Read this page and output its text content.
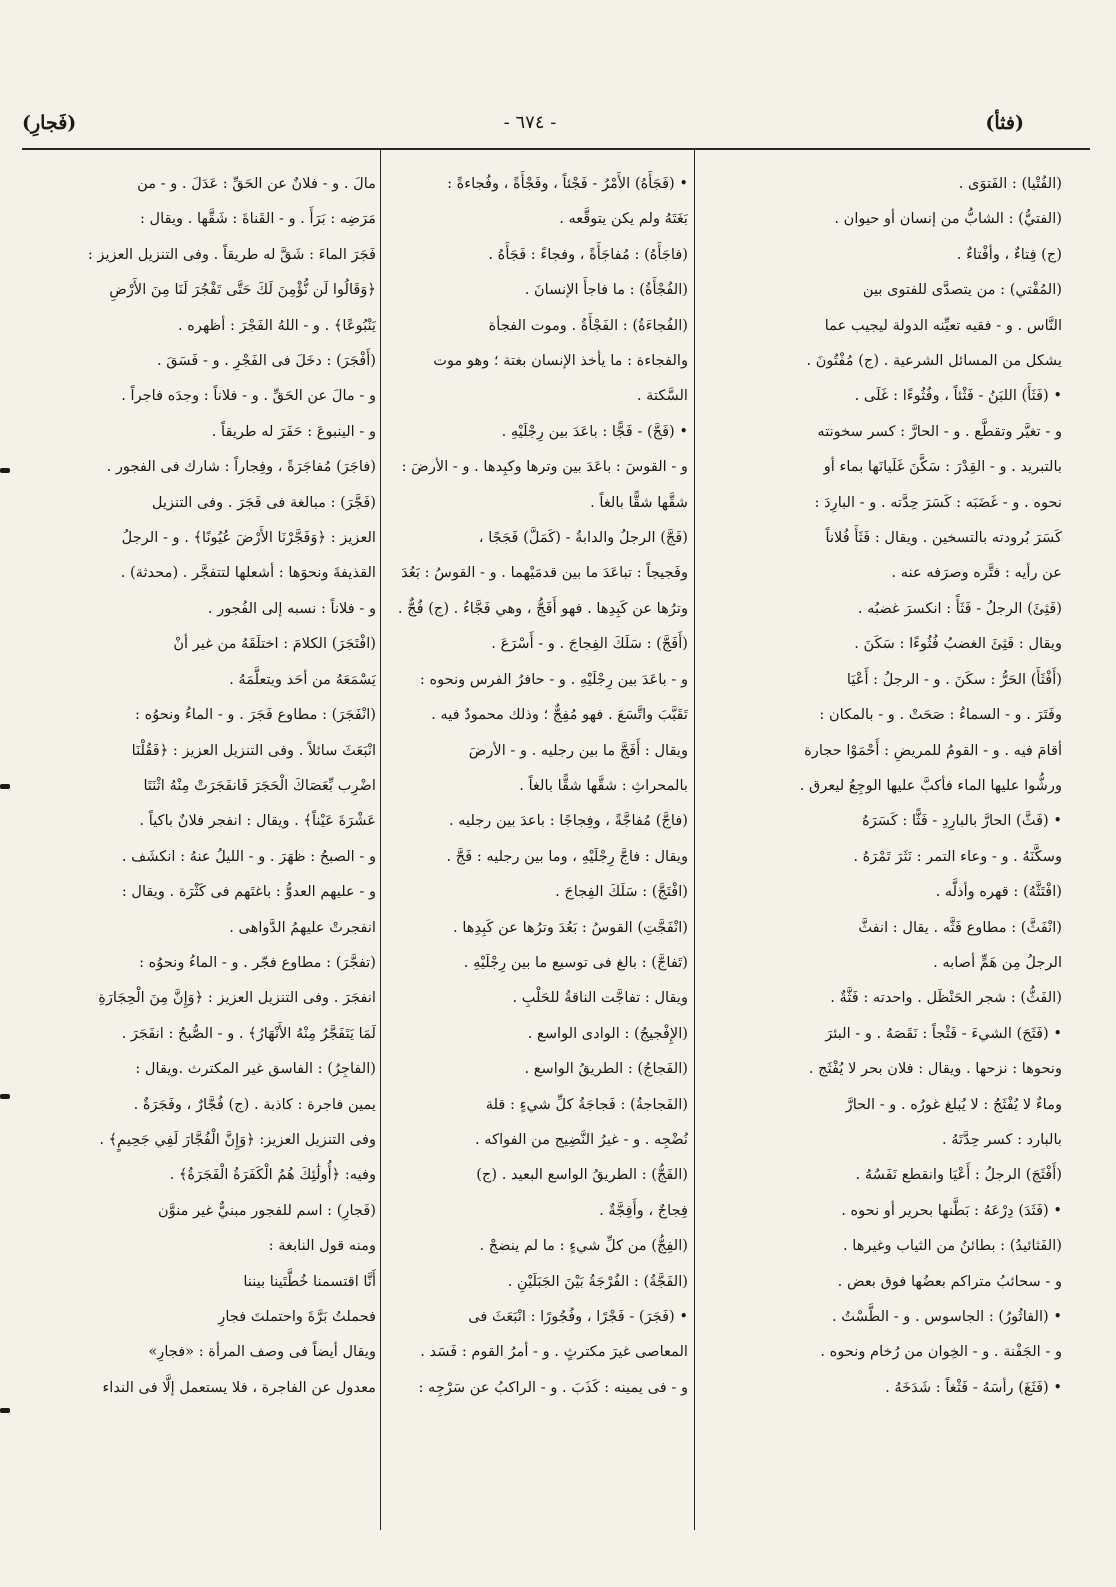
(فثأ)
- ٦٧٤ -
(فَجارِ)
(الفُتْيا) : الفَتوَى .
(الفتيُّ) : الشابُّ من إنسان أو حيوان .
(ج) فِتاءٌ ، وأفْتاءٌ .
(المُفْتي) : من يتصدَّى للفتوى بين
النَّاس . و - فقيه تعيِّنه الدولة ليجيب عما
يشكل من المسائل الشرعية . (ج) مُفْتُونَ .
• (فَثَأَ) اللبَنُ - فَثْئاً ، وفُثُوءًا : غَلَى .
و - تغيَّر وتقطَّع . و - الحارَّ : كسر سخونته
بالتبريد . و - القِدْرَ : سَكَّنَ غَلَيانَها بماء أو
نحوه . و - غَضَبَه : كَسَرَ حِدَّته . و - البارِدَ :
كَسَرَ بُرودته بالتسخين . ويقال : فَثَأَ فُلاناً
عن رأيه : فتَّره وصرَفه عنه .
(فَثِئَ) الرجلُ - فَثَأً : انكسرَ غضبُه .
ويقال : فَثِئَ الغضبُ فُثُوءًا : سَكَنَ .
(أَفْثَأَ) الحَرُّ : سكَنَ . و - الرجلُ : أَعْيَا
وفَتَرَ . و - السماءُ : صَحَتْ . و - بالمكان :
أقامَ فيه . و - القومُ للمريضِ : أَحْمَوْا حجارة
ورشُّوا عليها الماء فأكبَّ عليها الوجِعُ ليعرق .
• (فَثَّ) الحارَّ بالبارِدِ - فَثًّا : كَسَرَهُ
وسكَّنَهُ . و - وعاء التمر : نَثَرَ تَمْرَهُ .
(افْتَثَّهُ) : قهره وأذلَّه .
(انْفَثَّ) : مطاوع فَثَّه . يقال : انفثَّ
الرجلُ مِن هَمٍّ أصابه .
(الفَثُّ) : شجر الحَنْظَل . واحدته : فَثَّةٌ .
• (فَثَجَ) الشيءَ - فَثْجاً : نَقَصَهُ . و - البئرَ
ونحوها : نزحها . ويقال : فلان بحر لا يُفْثَج .
وماءٌ لا يُفْثَجُ : لا يُبلغ غورُه . و - الحارَّ
بالبارد : كسر حِدَّتَهُ .
(أَفْثَجَ) الرجلُ : أَعْيَا وانقطع نَفَسُهُ .
• (فَثَدَ) دِرْعَهُ : بَطَّنها بحرير أو نحوه .
(الفَثائيدُ) : بطائنُ من الثياب وغيرها .
و - سحائبُ متراكم بعضُها فوق بعض .
• (الفاثُورُ) : الجاسوس . و - الطَّسْتُ .
و - الجَفْنة . و - الخِوان من رُخام ونحوه .
• (فَثَغَ) رأسَهُ - فَثْغاً : شَدَخَهُ .
• (فَجَأَهُ) الأَمْرُ - فَجْئاً ، وفَجْأَةً ، وفُجاءةً :
بَغَتَهُ ولم يكن يتوقَّعه .
(فاجَأَهُ) : مُفاجَأَةً ، وفجاءً : فَجَأَهُ .
(الفُجْأَةُ) : ما فاجأَ الإنسانَ .
(الفُجاءَةُ) : الفَجْأَةُ . وموت الفجأة
والفجاءة : ما يأخذ الإنسان بغتة ؛ وهو موت
السَّكتة .
• (فَجَّ) - فَجًّا : باعَدَ بين رِجْلَيْهِ .
و - القوسَ : باعَدَ بين وترها وكبِدها . و - الأرضَ :
شقَّها شقًّا بالغاً .
(فَجَّ) الرجلُ والدابةُ - (كَمَلَّ) فَجَجًا ،
وفَجيجاً : تباعَدَ ما بين قدمَيْهما . و - القوسُ : بَعُدَ
وترُها عن كَبِدِها . فهو أَفَجُّ ، وهي فَجَّاءُ . (ج) فُجٌّ .
(أَفَجَّ) : سَلَكَ الفِجاجَ . و - أَسْرَعَ .
و - باعَدَ بين رِجْلَيْهِ . و - حافرُ الفرس ونحوه :
تَقَبَّبَ واتَّسَعَ . فهو مُفِجٌّ ؛ وذلك محمودٌ فيه .
ويقال : أَفَجَّ ما بين رجليه . و - الأرضَ
بالمحراثِ : شقَّها شقًّا بالغاً .
(فاجَّ) مُفاجَّةً ، وفِجاجًا : باعدَ بين رجليه .
ويقال : فاجَّ رِجْلَيْهِ ، وما بين رجليه : فَجَّ .
(افْتَجَّ) : سَلَكَ الفِجاجَ .
(انْفَجَّتِ) القوسُ : بَعُدَ وترُها عن كَبِدِها .
(تَفاجَّ) : بالغ فى توسيع ما بين رِجْلَيْهِ .
ويقال : تفاجَّت الناقةُ للحَلْبِ .
(الإِفْجيجُ) : الوادى الواسع .
(الفَجاجُ) : الطريقُ الواسع .
(الفَجاجةُ) : فَجاجَةُ كلِّ شيءٍ : قلة
نُضْجِه . و - غيرُ النَّضِيج من الفواكه .
(الفَجُّ) : الطريقُ الواسع البعيد . (ج)
فِجاجٌ ، وأَفِجَّةٌ .
(الفِجُّ) من كلِّ شيءٍ : ما لم ينضجْ .
(الفَجَّةُ) : الفُرْجَةُ بَيْنَ الجَبَلَيْنِ .
• (فَجَرَ) - فَجْرًا ، وفُجُورًا : انْبَعَثَ فى
المعاصى غيرَ مكترثٍ . و - أمرُ القوم : فَسَد .
و - فى يمينه : كَذَبَ . و - الراكبُ عن سَرْجِه :
مالَ . و - فلانٌ عن الحَقِّ : عَدَلَ . و - من
مَرَضِه : بَرَأَ . و - القَناةَ : شَقَّها . ويقال :
فَجَرَ الماءَ : شَقَّ له طريقاً . وفى التنزيل العزيز :
﴿وَقَالُوا لَن نُّؤْمِنَ لَكَ حَتَّى تَفْجُرَ لَنَا مِنَ الأَرْضِ
يَنْبُوعًا﴾ . و - اللهُ الفَجْرَ : أظهره .
(أَفْجَرَ) : دخَلَ فى الفَجْرِ . و - فَسَقَ .
و - مالَ عن الحَقِّ . و - فلاناً : وجدَه فاجراً .
و - الينبوعَ : حَفَرَ له طريقاً .
(فاجَرَ) مُفاجَرَةً ، وفِجاراً : شارك فى الفجور .
(فَجَّرَ) : مبالغة فى فَجَرَ . وفى التنزيل
العزيز : ﴿وَفَجَّرْنَا الأَرْضَ عُيُونًا﴾ . و - الرجلُ
القذيفةَ ونحوَها : أشعلها لتتفجَّر . (محدثة) .
و - فلاناً : نسبه إلى الفُجور .
(افْتَجَرَ) الكلامَ : اختلَقَهُ من غير أنْ
يَسْمَعَهُ من أحَد ويتعلَّمَهُ .
(انْفَجَرَ) : مطاوع فَجَرَ . و - الماءُ ونحوُه :
انْبَعَثَ سائلاً . وفى التنزيل العزيز : ﴿فَقُلْنَا
اضْرِب بِّعَصَاكَ الْحَجَرَ فَانفَجَرَتْ مِنْهُ اثْنَتَا
عَشْرَةَ عَيْناً﴾ . ويقال : انفجر فلانٌ باكياً .
و - الصبحُ : ظهَرَ . و - الليلُ عنهُ : انكشَف .
و - عليهم العدوُّ : باغتَهم فى كَثْرَة . ويقال :
انفجرتْ عليهمُ الدَّواهى .
(تفجَّرَ) : مطاوع فجّر . و - الماءُ ونحوُه :
انفجَرَ . وفى التنزيل العزيز : ﴿وَإِنَّ مِنَ الْحِجَارَةِ
لَمَا يَتَفَجَّرُ مِنْهُ الأَنْهَارُ﴾ . و - الصُّبحُ : انفَجَرَ .
(الفاجِرُ) : الفاسق غير المكترث .ويقال :
يمين فاجرة : كاذبة . (ج) فُجَّارٌ ، وفَجَرَةٌ .
وفى التنزيل العزيز: ﴿وَإِنَّ الْفُجَّارَ لَفِي جَحِيمٍ﴾ .
وفيه: ﴿أُولَٰئِكَ هُمُ الْكَفَرَةُ الْفَجَرَةُ﴾ .
(فَجارِ) : اسم للفجور مبنيٌّ غير منوَّن
ومنه قول النابغة :
أَنَّا اقتسمنا خُطَّتَينا بيننا
فحملتُ بَرَّةَ واحتملتَ فجارِ
ويقال أيضاً فى وصف المرأة : «فجارِ»
معدول عن الفاجرة ، فلا يستعمل إلَّا فى النداء
